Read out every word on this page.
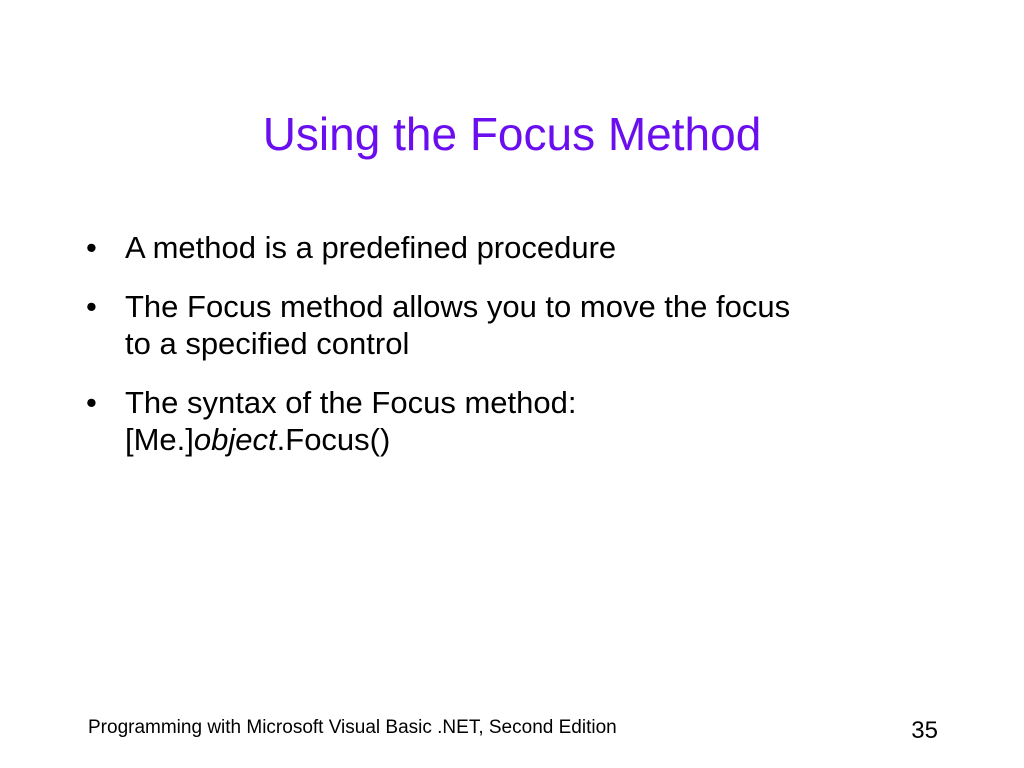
Using the Focus Method
• A method is a predefined procedure
• The Focus method allows you to move the focus
to a specified control
• The syntax of the Focus method:
[Me.]object.Focus()
Programming with Microsoft Visual Basic .NET, Second Edition	35
